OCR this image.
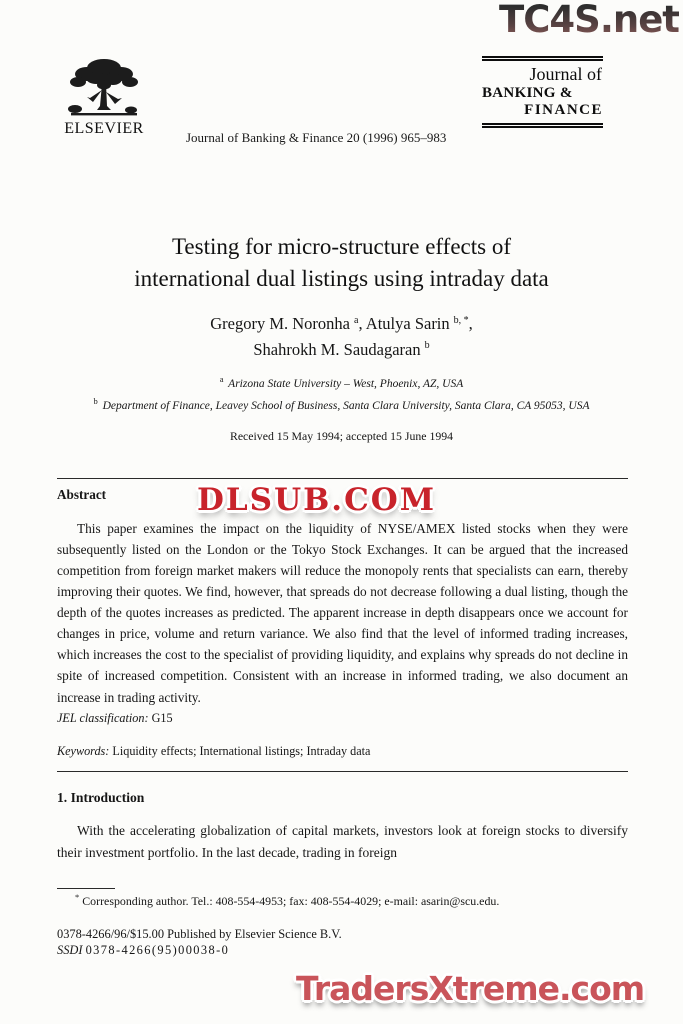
TC4S.net
DLSUB.COM
TradersXtreme.com
ELSEVIER
Journal of Banking & Finance 20 (1996) 965–983
Journal of
BANKING &
FINANCE
Testing for micro-structure effects of
international dual listings using intraday data
Gregory M. Noronha $^a$, Atulya Sarin $^{b, *}$,
Shahrokh M. Saudagaran $^b$
$^a$ Arizona State University – West, Phoenix, AZ, USA
$^b$ Department of Finance, Leavey School of Business, Santa Clara University, Santa Clara, CA 95053, USA
Received 15 May 1994; accepted 15 June 1994
Abstract
This paper examines the impact on the liquidity of NYSE/AMEX listed stocks when they were subsequently listed on the London or the Tokyo Stock Exchanges. It can be argued that the increased competition from foreign market makers will reduce the monopoly rents that specialists can earn, thereby improving their quotes. We find, however, that spreads do not decrease following a dual listing, though the depth of the quotes increases as predicted. The apparent increase in depth disappears once we account for changes in price, volume and return variance. We also find that the level of informed trading increases, which increases the cost to the specialist of providing liquidity, and explains why spreads do not decline in spite of increased competition. Consistent with an increase in informed trading, we also document an increase in trading activity.
JEL classification: G15
Keywords: Liquidity effects; International listings; Intraday data
1. Introduction
With the accelerating globalization of capital markets, investors look at foreign stocks to diversify their investment portfolio. In the last decade, trading in foreign
* Corresponding author. Tel.: 408-554-4953; fax: 408-554-4029; e-mail: asarin@scu.edu.
0378-4266/96/$15.00 Published by Elsevier Science B.V.
SSDI 0378-4266(95)00038-0
